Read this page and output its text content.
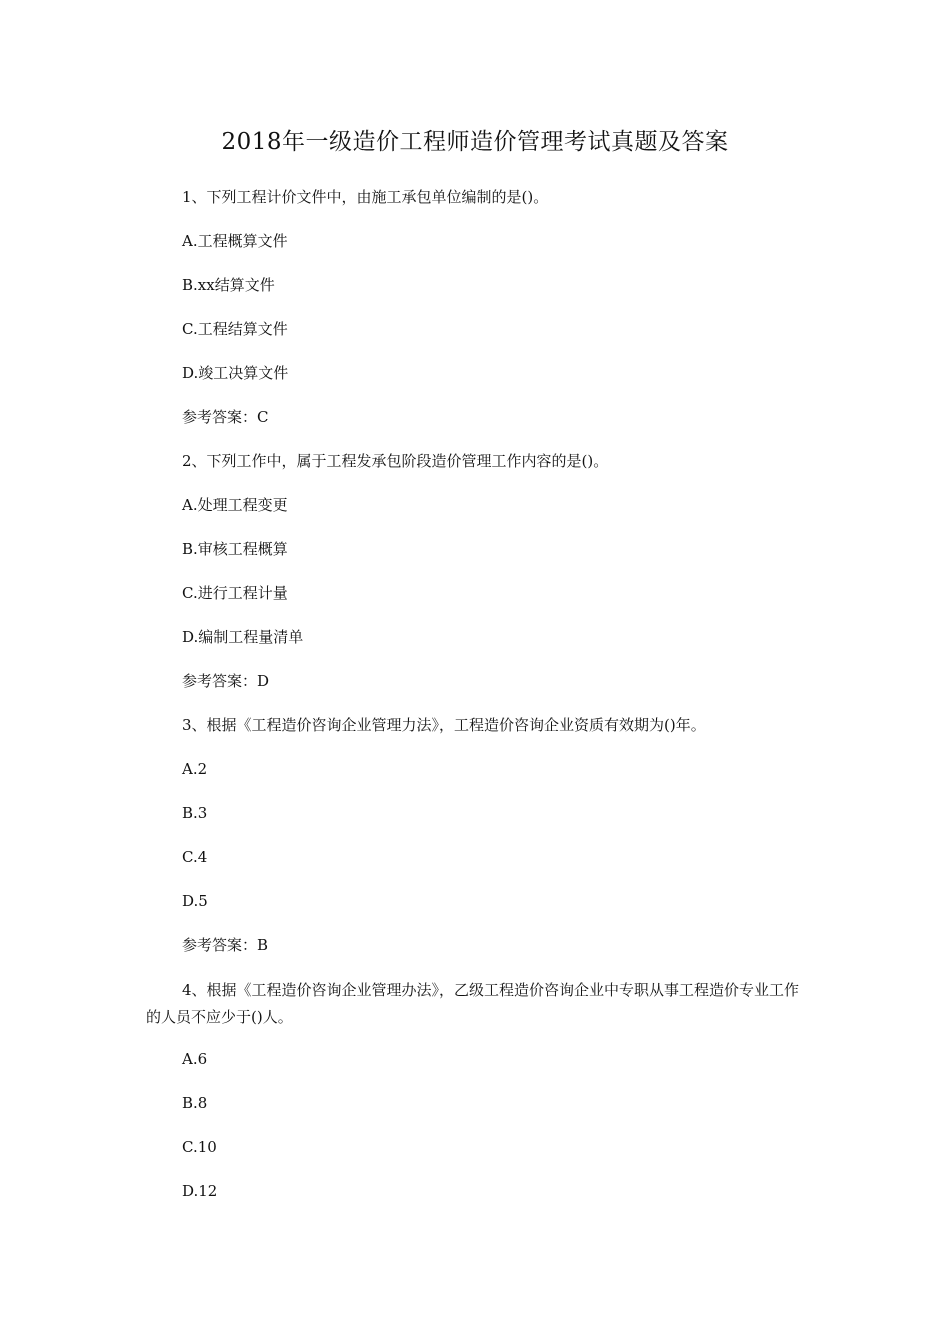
2018年一级造价工程师造价管理考试真题及答案

1、下列工程计价文件中，由施工承包单位编制的是()。

A.工程概算文件

B.xx结算文件

C.工程结算文件

D.竣工决算文件

参考答案：C

2、下列工作中，属于工程发承包阶段造价管理工作内容的是()。

A.处理工程变更

B.审核工程概算

C.进行工程计量

D.编制工程量清单

参考答案：D

3、根据《工程造价咨询企业管理力法》，工程造价咨询企业资质有效期为()年。

A.2

B.3

C.4

D.5

参考答案：B

4、根据《工程造价咨询企业管理办法》，乙级工程造价咨询企业中专职从事工程造价专业工作的人员不应少于()人。

A.6

B.8

C.10

D.12
